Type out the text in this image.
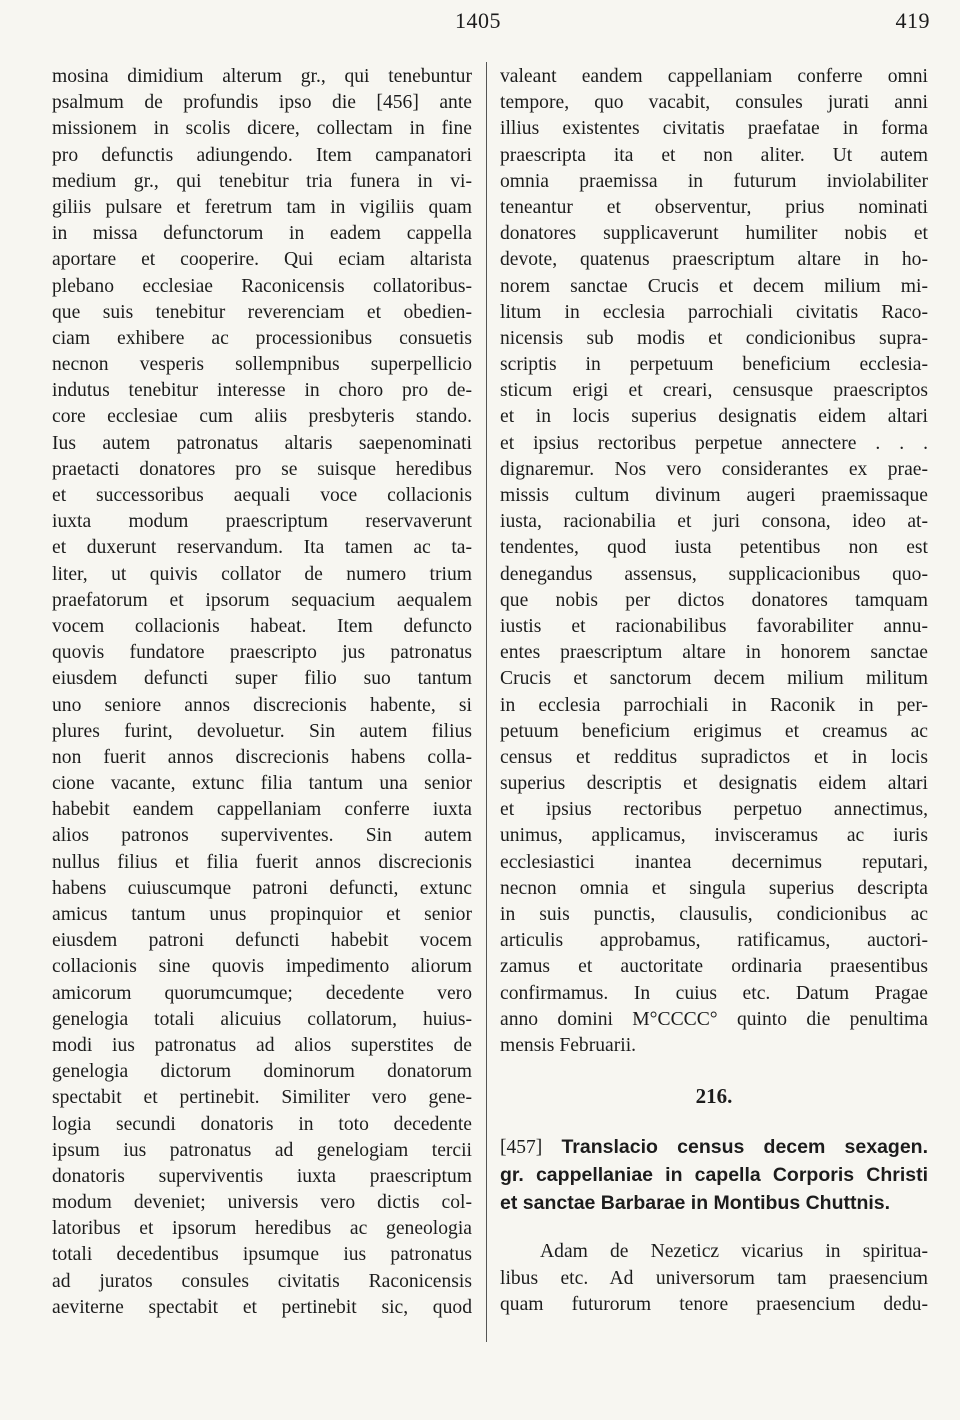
1405	419
mosina dimidium alterum gr., qui tenebuntur
psalmum de profundis ipso die [456] ante
missionem in scolis dicere, collectam in fine
pro defunctis adiungendo. Item campanatori
medium gr., qui tenebitur tria funera in vi-
giliis pulsare et feretrum tam in vigiliis quam
in missa defunctorum in eadem cappella
aportare et cooperire. Qui eciam altarista
plebano ecclesiae Raconicensis collatoribus-
que suis tenebitur reverenciam et obedien-
ciam exhibere ac processionibus consuetis
necnon vesperis sollempnibus superpellicio
indutus tenebitur interesse in choro pro de-
core ecclesiae cum aliis presbyteris stando.
Ius autem patronatus altaris saepenominati
praetacti donatores pro se suisque heredibus
et successoribus aequali voce collacionis
iuxta modum praescriptum reservaverunt
et duxerunt reservandum. Ita tamen ac ta-
liter, ut quivis collator de numero trium
praefatorum et ipsorum sequacium aequalem
vocem collacionis habeat. Item defuncto
quovis fundatore praescripto jus patronatus
eiusdem defuncti super filio suo tantum
uno seniore annos discrecionis habente, si
plures furint, devoluetur. Sin autem filius
non fuerit annos discrecionis habens colla-
cione vacante, extunc filia tantum una senior
habebit eandem cappellaniam conferre iuxta
alios patronos superviventes. Sin autem
nullus filius et filia fuerit annos discrecionis
habens cuiuscumque patroni defuncti, extunc
amicus tantum unus propinquior et senior
eiusdem patroni defuncti habebit vocem
collacionis sine quovis impedimento aliorum
amicorum quorumcumque; decedente vero
genelogia totali alicuius collatorum, huius-
modi ius patronatus ad alios superstites de
genelogia dictorum dominorum donatorum
spectabit et pertinebit. Similiter vero gene-
logia secundi donatoris in toto decedente
ipsum ius patronatus ad genelogiam tercii
donatoris superviventis iuxta praescriptum
modum deveniet; universis vero dictis col-
latoribus et ipsorum heredibus ac geneologia
totali decedentibus ipsumque ius patronatus
ad juratos consules civitatis Raconicensis
aeviterne spectabit et pertinebit sic, quod
valeant eandem cappellaniam conferre omni
tempore, quo vacabit, consules jurati anni
illius existentes civitatis praefatae in forma
praescripta ita et non aliter. Ut autem
omnia praemissa in futurum inviolabiliter
teneantur et observentur, prius nominati
donatores supplicaverunt humiliter nobis et
devote, quatenus praescriptum altare in ho-
norem sanctae Crucis et decem milium mi-
litum in ecclesia parrochiali civitatis Raco-
nicensis sub modis et condicionibus supra-
scriptis in perpetuum beneficium ecclesia-
sticum erigi et creari, censusque praescriptos
et in locis superius designatis eidem altari
et ipsius rectoribus perpetue annectere . . .
dignaremur. Nos vero considerantes ex prae-
missis cultum divinum augeri praemissaque
iusta, racionabilia et juri consona, ideo at-
tendentes, quod iusta petentibus non est
denegandus assensus, supplicacionibus quo-
que nobis per dictos donatores tamquam
iustis et racionabilibus favorabiliter annu-
entes praescriptum altare in honorem sanctae
Crucis et sanctorum decem milium militum
in ecclesia parrochiali in Raconik in per-
petuum beneficium erigimus et creamus ac
census et redditus supradictos et in locis
superius descriptis et designatis eidem altari
et ipsius rectoribus perpetuo annectimus,
unimus, applicamus, invisceramus ac iuris
ecclesiastici inantea decernimus reputari,
necnon omnia et singula superius descripta
in suis punctis, clausulis, condicionibus ac
articulis approbamus, ratificamus, auctori-
zamus et auctoritate ordinaria praesentibus
confirmamus. In cuius etc. Datum Pragae
anno domini M°CCCC° quinto die penultima
mensis Februarii.
216.
[457] Translacio census decem sexagen.
gr. cappellaniae in capella Corporis Christi
et sanctae Barbarae in Montibus Chuttnis.
Adam de Nezeticz vicarius in spiritua-
libus etc. Ad universorum tam praesencium
quam futurorum tenore praesencium dedu-
